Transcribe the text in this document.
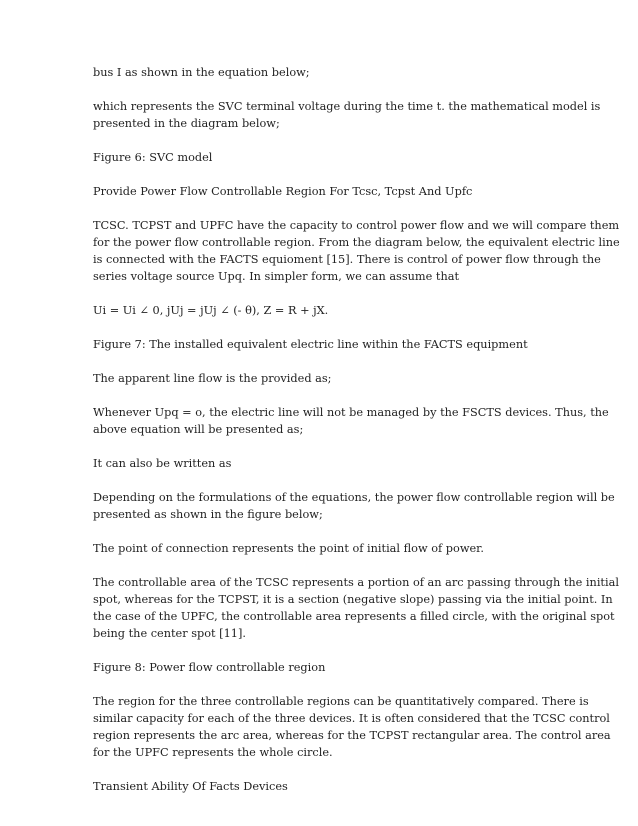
bus I as shown in the equation below;
which represents the SVC terminal voltage during the time t. the mathematical model is
presented in the diagram below;
Figure 6: SVC model
Provide Power Flow Controllable Region For Tcsc, Tcpst And Upfc
TCSC. TCPST and UPFC have the capacity to control power flow and we will compare them
for the power flow controllable region. From the diagram below, the equivalent electric line
is connected with the FACTS equioment [15]. There is control of power flow through the
series voltage source Upq. In simpler form, we can assume that
Ui = Ui ∠ 0, jUj = jUj ∠ (- θ), Z = R + jX.
Figure 7: The installed equivalent electric line within the FACTS equipment
The apparent line flow is the provided as;
Whenever Upq = o, the electric line will not be managed by the FSCTS devices. Thus, the
above equation will be presented as;
It can also be written as
Depending on the formulations of the equations, the power flow controllable region will be
presented as shown in the figure below;
The point of connection represents the point of initial flow of power.
The controllable area of the TCSC represents a portion of an arc passing through the initial
spot, whereas for the TCPST, it is a section (negative slope) passing via the initial point. In
the case of the UPFC, the controllable area represents a filled circle, with the original spot
being the center spot [11].
Figure 8: Power flow controllable region
The region for the three controllable regions can be quantitatively compared. There is
similar capacity for each of the three devices. It is often considered that the TCSC control
region represents the arc area, whereas for the TCPST rectangular area. The control area
for the UPFC represents the whole circle.
Transient Ability Of Facts Devices
